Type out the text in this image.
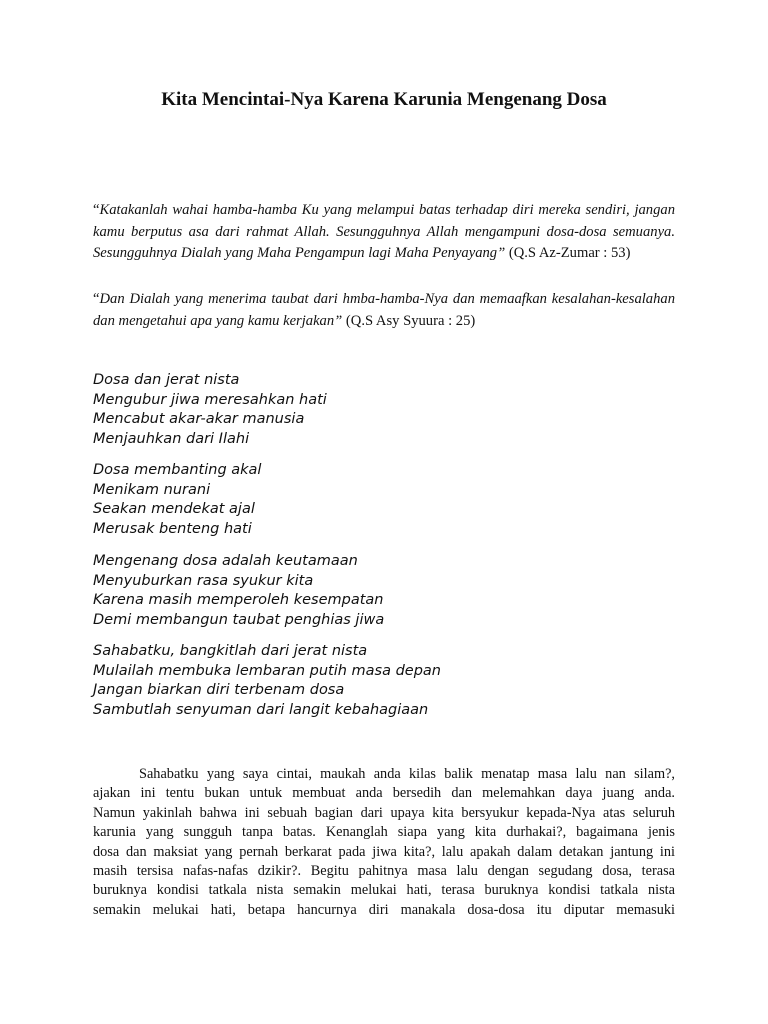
Kita Mencintai-Nya Karena Karunia Mengenang Dosa
“Katakanlah wahai hamba-hamba Ku yang melampui batas terhadap diri mereka sendiri, jangan kamu berputus asa dari rahmat Allah. Sesungguhnya Allah mengampuni dosa-dosa semuanya. Sesungguhnya Dialah yang Maha Pengampun lagi Maha Penyayang” (Q.S Az-Zumar : 53)
“Dan Dialah yang menerima taubat dari hmba-hamba-Nya dan memaafkan kesalahan-kesalahan dan mengetahui apa yang kamu kerjakan” (Q.S Asy Syuura : 25)
Dosa dan jerat nista
Mengubur jiwa meresahkan hati
Mencabut akar-akar manusia
Menjauhkan dari Ilahi
Dosa membanting akal
Menikam nurani
Seakan mendekat ajal
Merusak benteng hati
Mengenang dosa adalah keutamaan
Menyuburkan rasa syukur kita
Karena masih memperoleh kesempatan
Demi membangun taubat penghias jiwa
Sahabatku, bangkitlah dari jerat nista
Mulailah membuka lembaran putih masa depan
Jangan biarkan diri terbenam dosa
Sambutlah senyuman dari langit kebahagiaan
Sahabatku yang saya cintai, maukah anda kilas balik menatap masa lalu nan silam?,
ajakan ini tentu bukan untuk membuat anda bersedih dan melemahkan daya juang anda.
Namun yakinlah bahwa ini sebuah bagian dari upaya kita bersyukur kepada-Nya atas seluruh
karunia yang sungguh tanpa batas. Kenanglah siapa yang kita durhakai?, bagaimana jenis
dosa dan maksiat yang pernah berkarat pada jiwa kita?, lalu apakah dalam detakan jantung ini
masih tersisa nafas-nafas dzikir?. Begitu pahitnya masa lalu dengan segudang dosa, terasa
buruknya kondisi tatkala nista semakin melukai hati, terasa buruknya kondisi tatkala nista
semakin melukai hati, betapa hancurnya diri manakala dosa-dosa itu diputar memasuki
